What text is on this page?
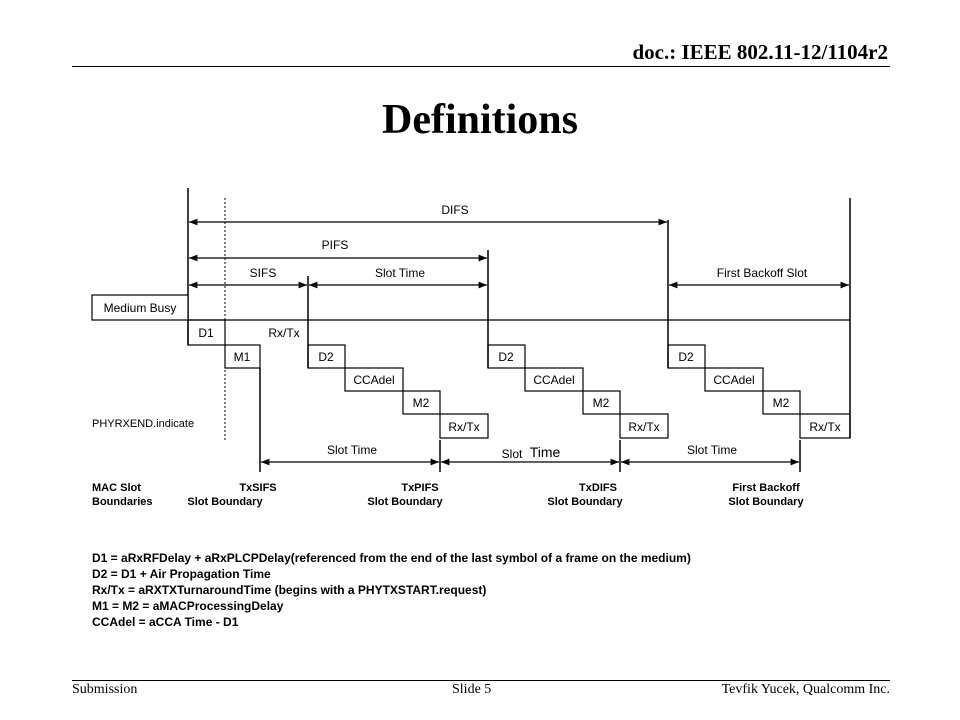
doc.: IEEE 802.11-12/1104r2
Definitions
DIFS
PIFS
SIFS	Slot Time	First Backoff Slot
Medium Busy
D1
M1
Rx/Tx
D2
CCAdel
M2
Rx/Tx
D2
CCAdel
M2
Rx/Tx
D2
CCAdel
M2
Rx/Tx
PHYRXEND.indicate
Slot Time	Slot Time	Slot Time
MAC Slot
Boundaries
TxSIFS
Slot Boundary
TxPIFS
Slot Boundary
TxDIFS
Slot Boundary
First Backoff
Slot Boundary
D1 = aRxRFDelay + aRxPLCPDelay(referenced from the end of the last symbol of a frame on the medium)
D2 = D1 + Air Propagation Time
Rx/Tx = aRXTXTurnaroundTime (begins with a PHYTXSTART.request)
M1 = M2 = aMACProcessingDelay
CCAdel = aCCA Time - D1
Submission	Slide 5	Tevfik Yucek, Qualcomm Inc.
